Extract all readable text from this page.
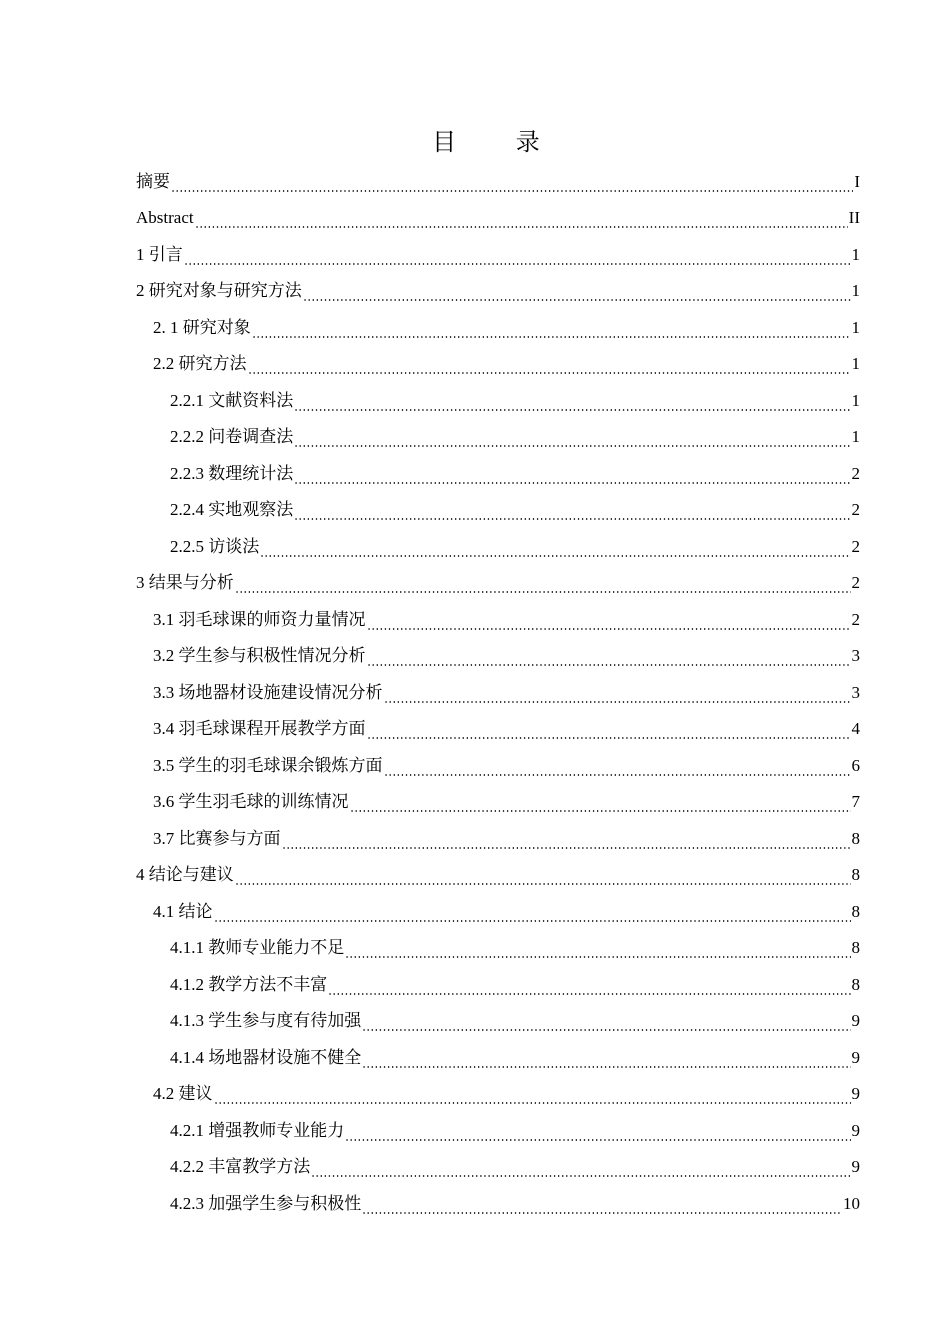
目 录
摘要	I
Abstract	II
1 引言	1
2 研究对象与研究方法	1
2. 1 研究对象	1
2.2 研究方法	1
2.2.1 文献资料法	1
2.2.2 问卷调查法	1
2.2.3 数理统计法	2
2.2.4 实地观察法	2
2.2.5 访谈法	2
3 结果与分析	2
3.1 羽毛球课的师资力量情况	2
3.2 学生参与积极性情况分析	3
3.3 场地器材设施建设情况分析	3
3.4 羽毛球课程开展教学方面	4
3.5 学生的羽毛球课余锻炼方面	6
3.6 学生羽毛球的训练情况	7
3.7 比赛参与方面	8
4 结论与建议	8
4.1 结论	8
4.1.1 教师专业能力不足	8
4.1.2 教学方法不丰富	8
4.1.3 学生参与度有待加强	9
4.1.4 场地器材设施不健全	9
4.2 建议	9
4.2.1 增强教师专业能力	9
4.2.2 丰富教学方法	9
4.2.3 加强学生参与积极性	10
